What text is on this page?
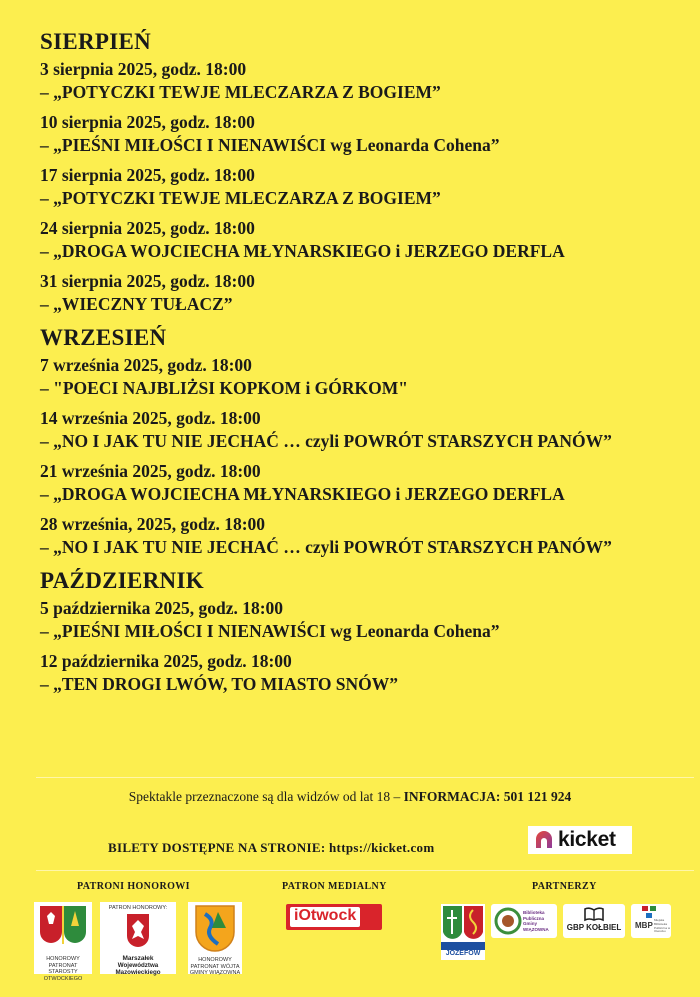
SIERPIEŃ
3 sierpnia 2025, godz. 18:00
– „POTYCZKI TEWJE MLECZARZA Z BOGIEM”
10 sierpnia 2025, godz. 18:00
– „PIEŚNI MIŁOŚCI I NIENAWIŚCI wg Leonarda Cohena”
17 sierpnia 2025, godz. 18:00
– „POTYCZKI TEWJE MLECZARZA Z BOGIEM”
24 sierpnia 2025, godz. 18:00
– „DROGA WOJCIECHA MŁYNARSKIEGO i JERZEGO DERFLA
31 sierpnia 2025, godz. 18:00
– „WIECZNY TUŁACZ”
WRZESIEŃ
7 września 2025, godz. 18:00
– "POECI NAJBLIŻSI KOPKOM i GÓRKOM"
14 września 2025, godz. 18:00
– „NO I JAK TU NIE JECHAĆ … czyli POWRÓT STARSZYCH PANÓW”
21 września 2025, godz. 18:00
– „DROGA WOJCIECHA MŁYNARSKIEGO i JERZEGO DERFLA
28 września, 2025, godz. 18:00
– „NO I JAK TU NIE JECHAĆ … czyli POWRÓT STARSZYCH PANÓW”
PAŹDZIERNIK
5 października 2025, godz. 18:00
– „PIEŚNI MIŁOŚCI I NIENAWIŚCI wg Leonarda Cohena”
12 października 2025, godz. 18:00
– „TEN DROGI LWÓW, TO MIASTO SNÓW”
Spektakle przeznaczone są dla widzów od lat 18 – INFORMACJA: 501 121 924
BILETY DOSTĘPNE NA STRONIE: https://kicket.com	kicket
PATRONI HONOROWI	PATRON MEDIALNY	PARTNERZY
HONOROWY PATRONAT STAROSTY OTWOCKIEGO
PATRON HONOROWY:
Marszałek
Województwa Mazowieckiego
HONOROWY PATRONAT WÓJTA GMINY WIĄZOWNA
iOtwock
JÓZEFÓW
Biblioteka Publiczna Gminy WIĄZOWNA	GBP KOŁBIEL	MBP
Miejska Biblioteka Publiczna w Otwocku
